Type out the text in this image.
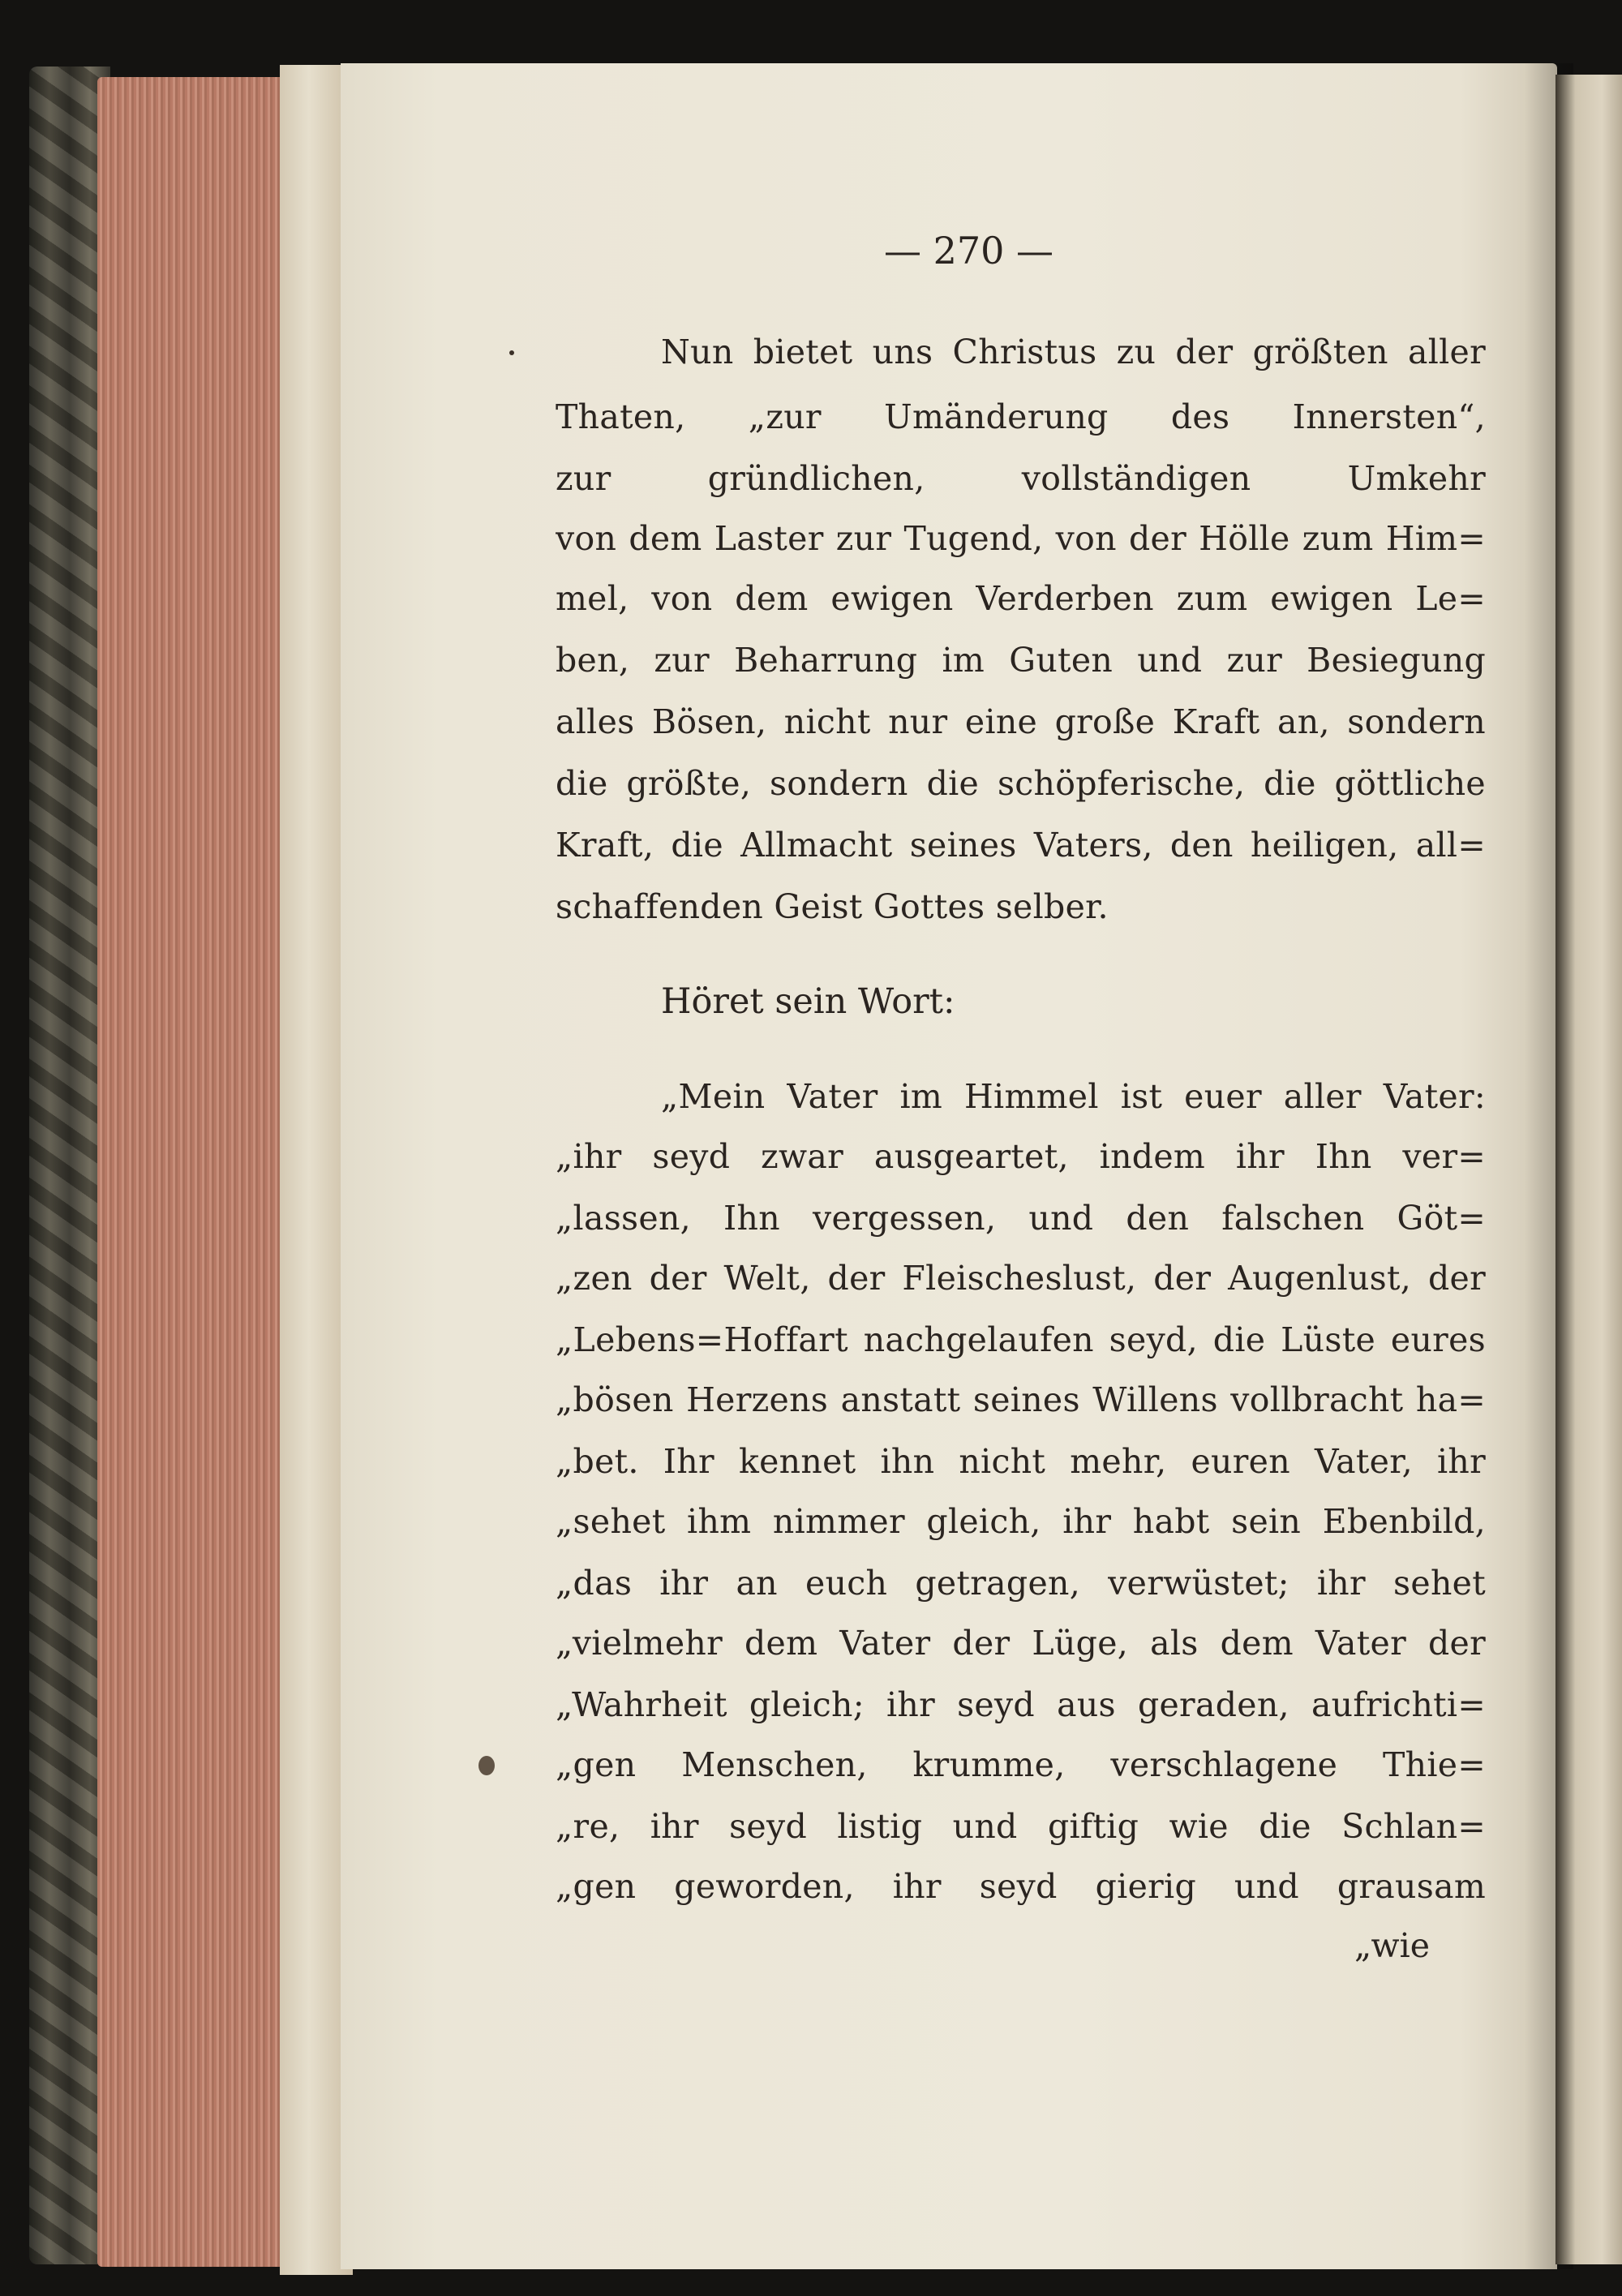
— 270 —
Nun bietet uns Christus zu der größten aller
Thaten, „zur Umänderung des Innersten“,
zur gründlichen, vollständigen Umkehr
von dem Laster zur Tugend, von der Hölle zum Him=
mel, von dem ewigen Verderben zum ewigen Le=
ben, zur Beharrung im Guten und zur Besiegung
alles Bösen, nicht nur eine große Kraft an, sondern
die größte, sondern die schöpferische, die göttliche
Kraft, die Allmacht seines Vaters, den heiligen, all=
schaffenden Geist Gottes selber.
Höret sein Wort:
„Mein Vater im Himmel ist euer aller Vater:
„ihr seyd zwar ausgeartet, indem ihr Ihn ver=
„lassen, Ihn vergessen, und den falschen Göt=
„zen der Welt, der Fleischeslust, der Augenlust, der
„Lebens=Hoffart nachgelaufen seyd, die Lüste eures
„bösen Herzens anstatt seines Willens vollbracht ha=
„bet. Ihr kennet ihn nicht mehr, euren Vater, ihr
„sehet ihm nimmer gleich, ihr habt sein Ebenbild,
„das ihr an euch getragen, verwüstet; ihr sehet
„vielmehr dem Vater der Lüge, als dem Vater der
„Wahrheit gleich; ihr seyd aus geraden, aufrichti=
„gen Menschen, krumme, verschlagene Thie=
„re, ihr seyd listig und giftig wie die Schlan=
„gen geworden, ihr seyd gierig und grausam
„wie
